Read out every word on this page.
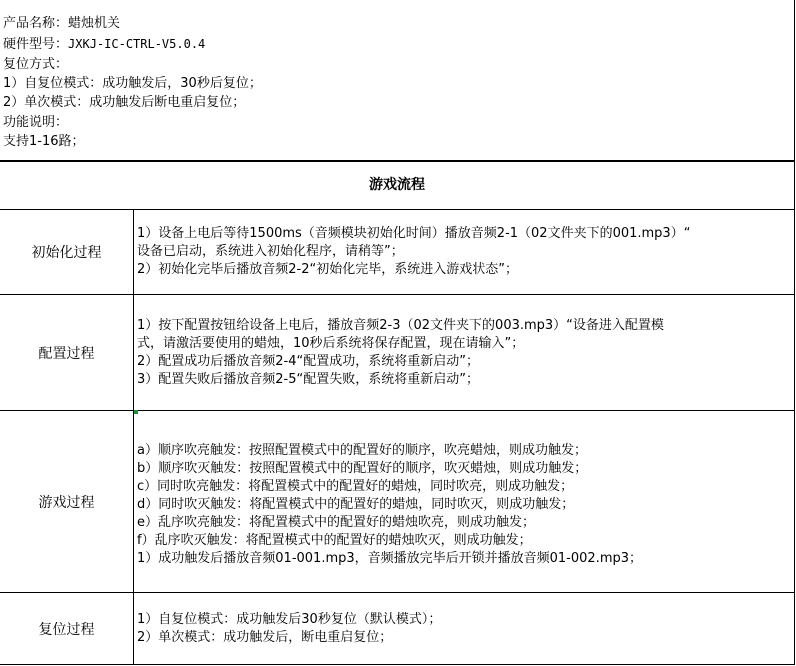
产品名称：蜡烛机关
硬件型号：JXKJ-IC-CTRL-V5.0.4
复位方式：
1）自复位模式：成功触发后，30秒后复位；
2）单次模式：成功触发后断电重启复位；
功能说明：
支持1-16路；
游戏流程
初始化过程
1）设备上电后等待1500ms（音频模块初始化时间）播放音频2-1（02文件夹下的001.mp3）“
设备已启动，系统进入初始化程序，请稍等”；
2）初始化完毕后播放音频2-2“初始化完毕，系统进入游戏状态”；
配置过程
1）按下配置按钮给设备上电后，播放音频2-3（02文件夹下的003.mp3）“设备进入配置模
式，请激活要使用的蜡烛，10秒后系统将保存配置，现在请输入”；
2）配置成功后播放音频2-4“配置成功，系统将重新启动”；
3）配置失败后播放音频2-5“配置失败，系统将重新启动”；
游戏过程
a）顺序吹亮触发：按照配置模式中的配置好的顺序，吹亮蜡烛，则成功触发；
b）顺序吹灭触发：按照配置模式中的配置好的顺序，吹灭蜡烛，则成功触发；
c）同时吹亮触发：将配置模式中的配置好的蜡烛，同时吹亮，则成功触发；
d）同时吹灭触发：将配置模式中的配置好的蜡烛，同时吹灭，则成功触发；
e）乱序吹亮触发：将配置模式中的配置好的蜡烛吹亮，则成功触发；
f）乱序吹灭触发：将配置模式中的配置好的蜡烛吹灭，则成功触发；
1）成功触发后播放音频01-001.mp3，音频播放完毕后开锁并播放音频01-002.mp3；
复位过程
1）自复位模式：成功触发后30秒复位（默认模式）；
2）单次模式：成功触发后，断电重启复位；
